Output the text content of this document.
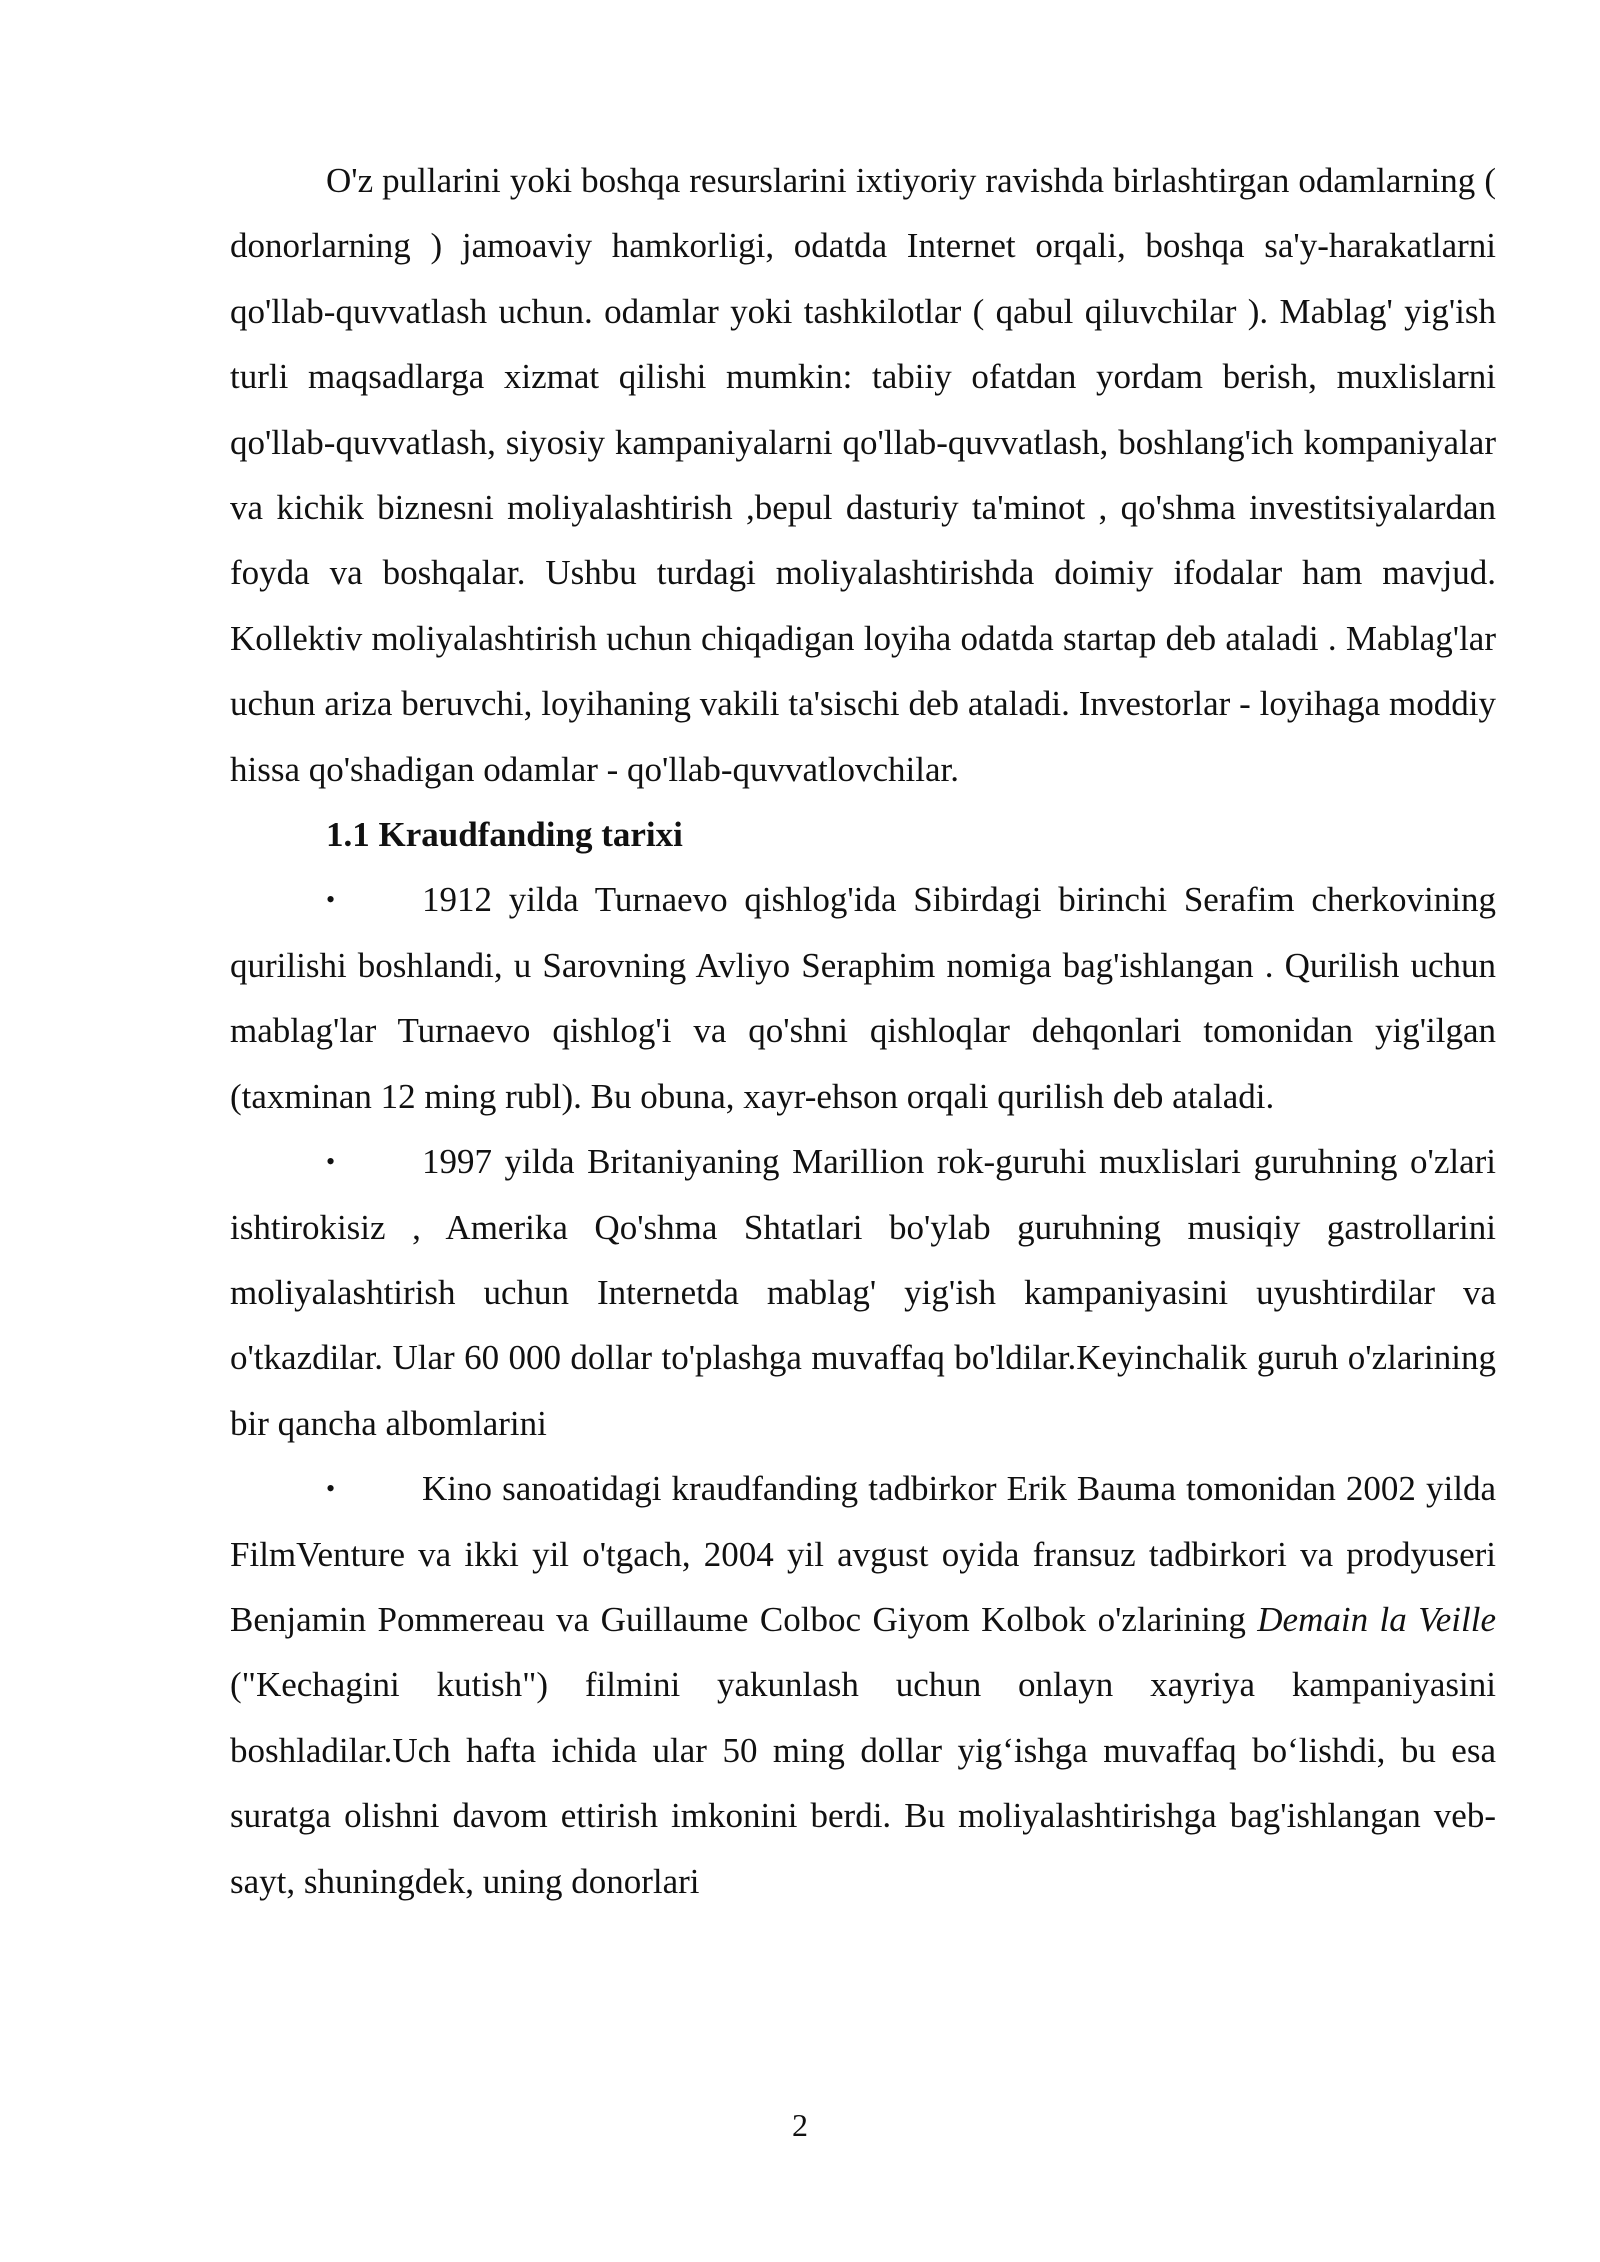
O'z pullarini yoki boshqa resurslarini ixtiyoriy ravishda birlashtirgan odamlarning ( donorlarning ) jamoaviy hamkorligi, odatda Internet orqali, boshqa sa'y-harakatlarni qo'llab-quvvatlash uchun. odamlar yoki tashkilotlar ( qabul qiluvchilar ). Mablag' yig'ish turli maqsadlarga xizmat qilishi mumkin: tabiiy ofatdan yordam berish, muxlislarni qo'llab-quvvatlash, siyosiy kampaniyalarni qo'llab-quvvatlash, boshlang'ich kompaniyalar va kichik biznesni moliyalashtirish ,bepul dasturiy ta'minot , qo'shma investitsiyalardan foyda va boshqalar. Ushbu turdagi moliyalashtirishda doimiy ifodalar ham mavjud. Kollektiv moliyalashtirish uchun chiqadigan loyiha odatda startap deb ataladi . Mablag'lar uchun ariza beruvchi, loyihaning vakili ta'sischi deb ataladi. Investorlar - loyihaga moddiy hissa qo'shadigan odamlar - qo'llab-quvvatlovchilar.

1.1 Kraudfanding tarixi

• 1912 yilda Turnaevo qishlog'ida Sibirdagi birinchi Serafim cherkovining qurilishi boshlandi, u Sarovning Avliyo Seraphim nomiga bag'ishlangan . Qurilish uchun mablag'lar Turnaevo qishlog'i va qo'shni qishloqlar dehqonlari tomonidan yig'ilgan (taxminan 12 ming rubl). Bu obuna, xayr-ehson orqali qurilish deb ataladi.

• 1997 yilda Britaniyaning Marillion rok-guruhi muxlislari guruhning o'zlari ishtirokisiz , Amerika Qo'shma Shtatlari bo'ylab guruhning musiqiy gastrollarini moliyalashtirish uchun Internetda mablag' yig'ish kampaniyasini uyushtirdilar va o'tkazdilar. Ular 60 000 dollar to'plashga muvaffaq bo'ldilar.Keyinchalik guruh o'zlarining bir qancha albomlarini

• Kino sanoatidagi kraudfanding tadbirkor Erik Bauma tomonidan 2002 yilda FilmVenture va ikki yil o'tgach, 2004 yil avgust oyida fransuz tadbirkori va prodyuseri Benjamin Pommereau va Guillaume Colboc Giyom Kolbok o'zlarining Demain la Veille ("Kechagini kutish") filmini yakunlash uchun onlayn xayriya kampaniyasini boshladilar.Uch hafta ichida ular 50 ming dollar yig‘ishga muvaffaq bo‘lishdi, bu esa suratga olishni davom ettirish imkonini berdi. Bu moliyalashtirishga bag'ishlangan veb-sayt, shuningdek, uning donorlari

2
